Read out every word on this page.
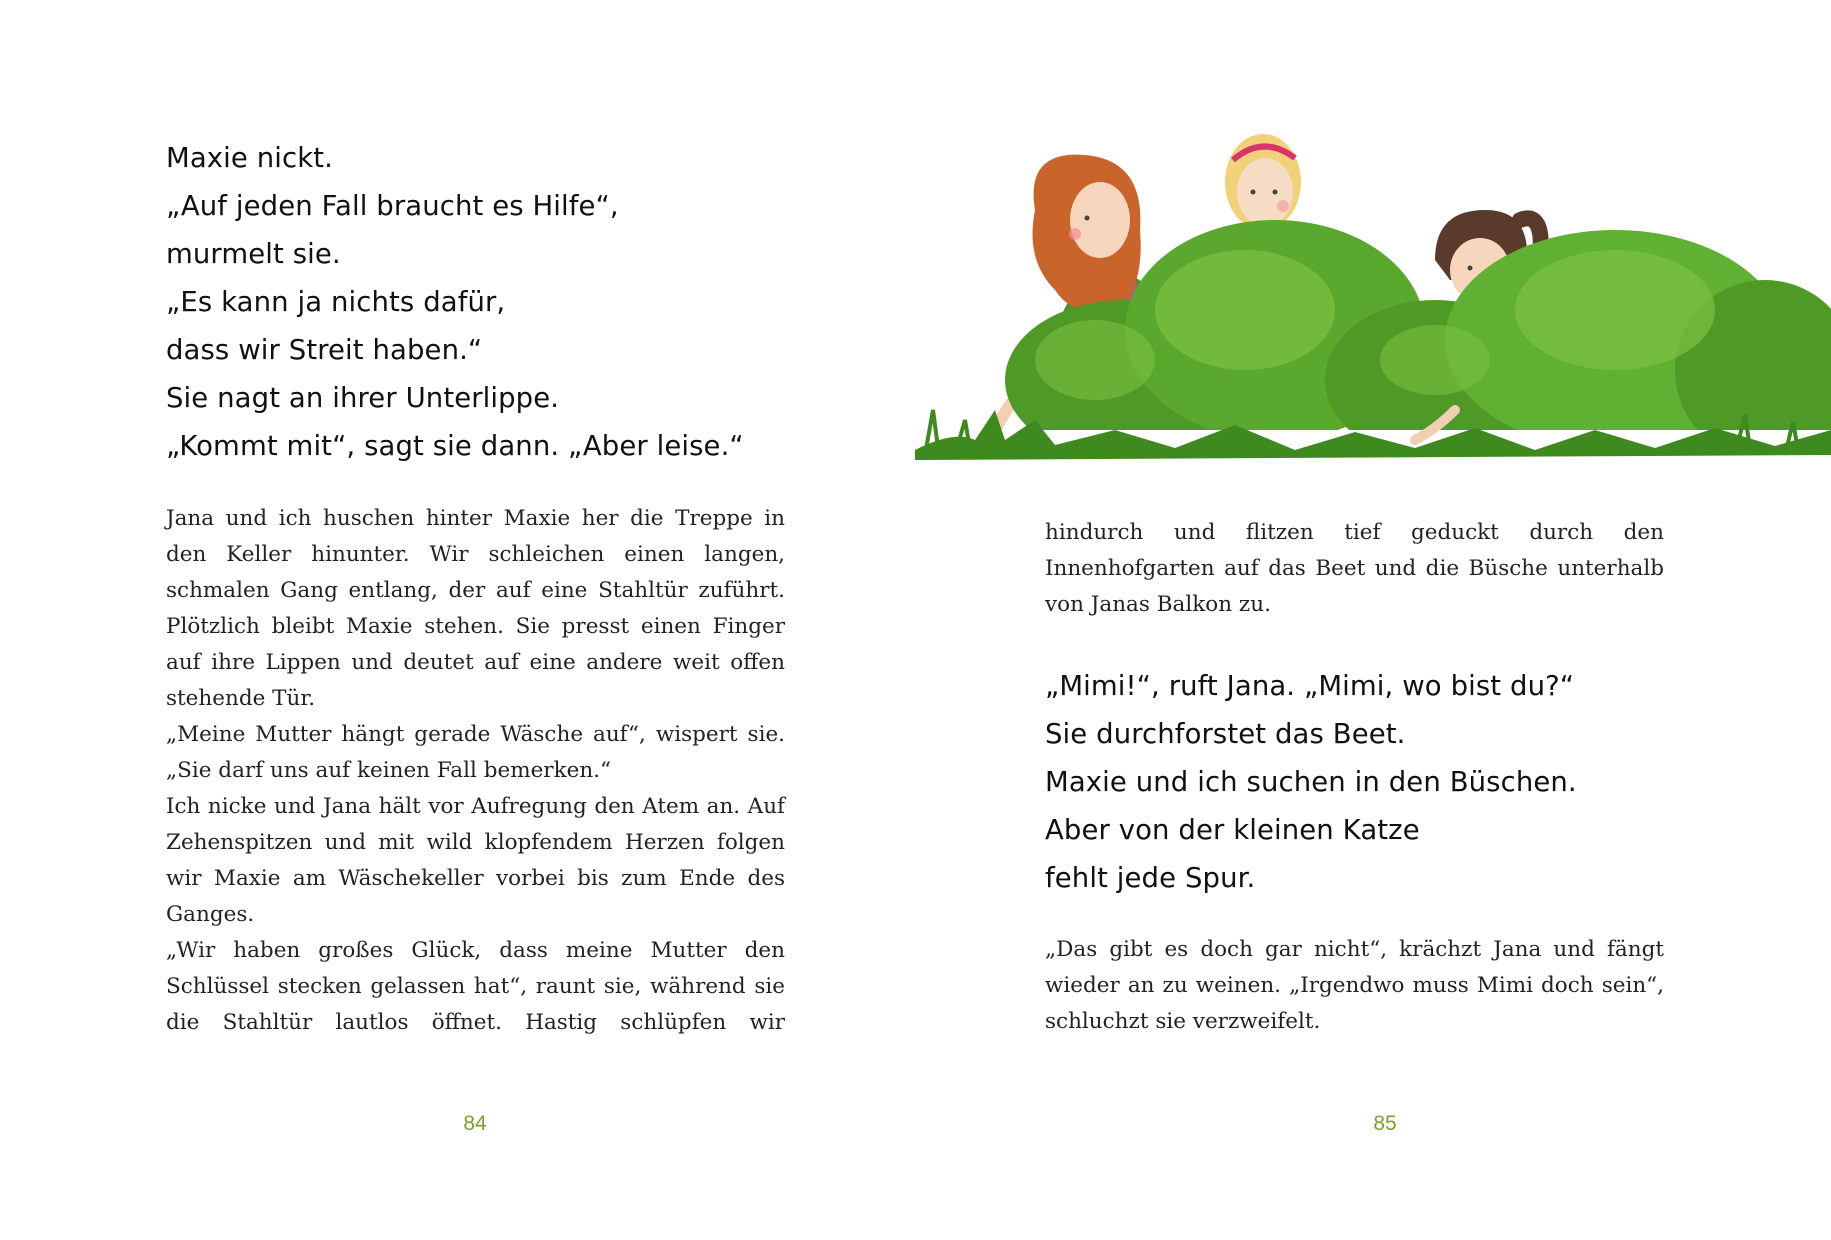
Maxie nickt.
„Auf jeden Fall braucht es Hilfe“,
murmelt sie.
„Es kann ja nichts dafür,
dass wir Streit haben.“
Sie nagt an ihrer Unterlippe.
„Kommt mit“, sagt sie dann. „Aber leise.“

Jana und ich huschen hinter Maxie her die Treppe in den Keller hinunter. Wir schleichen einen langen, schmalen Gang entlang, der auf eine Stahltür zuführt. Plötzlich bleibt Maxie stehen. Sie presst einen Finger auf ihre Lippen und deutet auf eine andere weit offen stehende Tür.

„Meine Mutter hängt gerade Wäsche auf“, wispert sie. „Sie darf uns auf keinen Fall bemerken.“

Ich nicke und Jana hält vor Aufregung den Atem an. Auf Zehenspitzen und mit wild klopfendem Herzen folgen wir Maxie am Wäschekeller vorbei bis zum Ende des Ganges.

„Wir haben großes Glück, dass meine Mutter den Schlüssel stecken gelassen hat“, raunt sie, während sie die Stahltür lautlos öffnet. Hastig schlüpfen wir

84

hindurch und flitzen tief geduckt durch den Innenhofgarten auf das Beet und die Büsche unterhalb von Janas Balkon zu.

„Mimi!“, ruft Jana. „Mimi, wo bist du?“
Sie durchforstet das Beet.
Maxie und ich suchen in den Büschen.
Aber von der kleinen Katze
fehlt jede Spur.

„Das gibt es doch gar nicht“, krächzt Jana und fängt wieder an zu weinen. „Irgendwo muss Mimi doch sein“, schluchzt sie verzweifelt.

85
